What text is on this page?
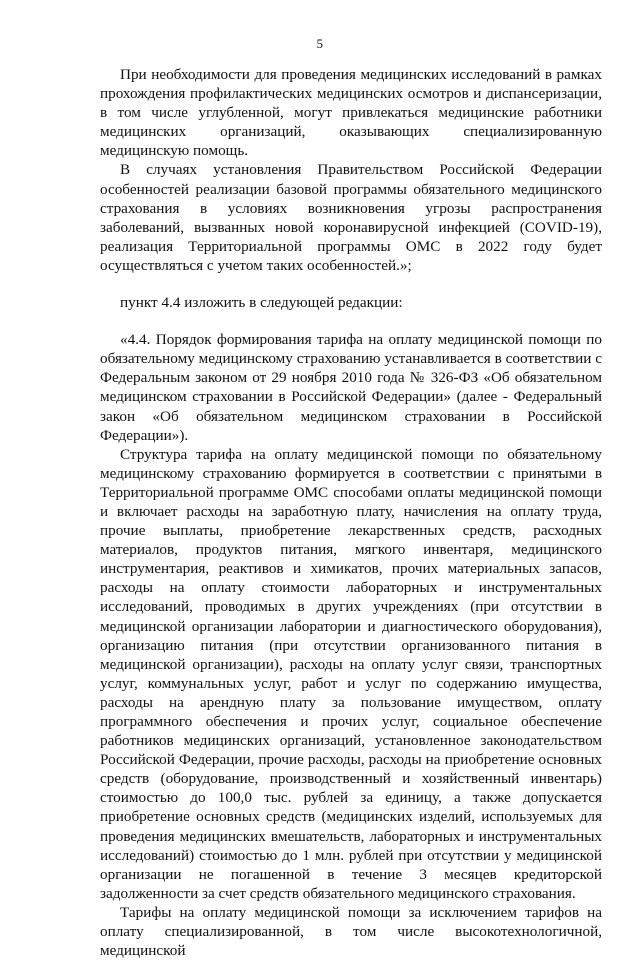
5

При необходимости для проведения медицинских исследований в рамках прохождения профилактических медицинских осмотров и диспансеризации, в том числе углубленной, могут привлекаться медицинские работники медицинских организаций, оказывающих специализированную медицинскую помощь.

В случаях установления Правительством Российской Федерации особенностей реализации базовой программы обязательного медицинского страхования в условиях возникновения угрозы распространения заболеваний, вызванных новой коронавирусной инфекцией (COVID-19), реализация Территориальной программы ОМС в 2022 году будет осуществляться с учетом таких особенностей.»;

пункт 4.4 изложить в следующей редакции:

«4.4. Порядок формирования тарифа на оплату медицинской помощи по обязательному медицинскому страхованию устанавливается в соответствии с Федеральным законом от 29 ноября 2010 года № 326-ФЗ «Об обязательном медицинском страховании в Российской Федерации» (далее - Федеральный закон «Об обязательном медицинском страховании в Российской Федерации»).

Структура тарифа на оплату медицинской помощи по обязательному медицинскому страхованию формируется в соответствии с принятыми в Территориальной программе ОМС способами оплаты медицинской помощи и включает расходы на заработную плату, начисления на оплату труда, прочие выплаты, приобретение лекарственных средств, расходных материалов, продуктов питания, мягкого инвентаря, медицинского инструментария, реактивов и химикатов, прочих материальных запасов, расходы на оплату стоимости лабораторных и инструментальных исследований, проводимых в других учреждениях (при отсутствии в медицинской организации лаборатории и диагностического оборудования), организацию питания (при отсутствии организованного питания в медицинской организации), расходы на оплату услуг связи, транспортных услуг, коммунальных услуг, работ и услуг по содержанию имущества, расходы на арендную плату за пользование имуществом, оплату программного обеспечения и прочих услуг, социальное обеспечение работников медицинских организаций, установленное законодательством Российской Федерации, прочие расходы, расходы на приобретение основных средств (оборудование, производственный и хозяйственный инвентарь) стоимостью до 100,0 тыс. рублей за единицу, а также допускается приобретение основных средств (медицинских изделий, используемых для проведения медицинских вмешательств, лабораторных и инструментальных исследований) стоимостью до 1 млн. рублей при отсутствии у медицинской организации не погашенной в течение 3 месяцев кредиторской задолженности за счет средств обязательного медицинского страхования.

Тарифы на оплату медицинской помощи за исключением тарифов на оплату специализированной, в том числе высокотехнологичной, медицинской
